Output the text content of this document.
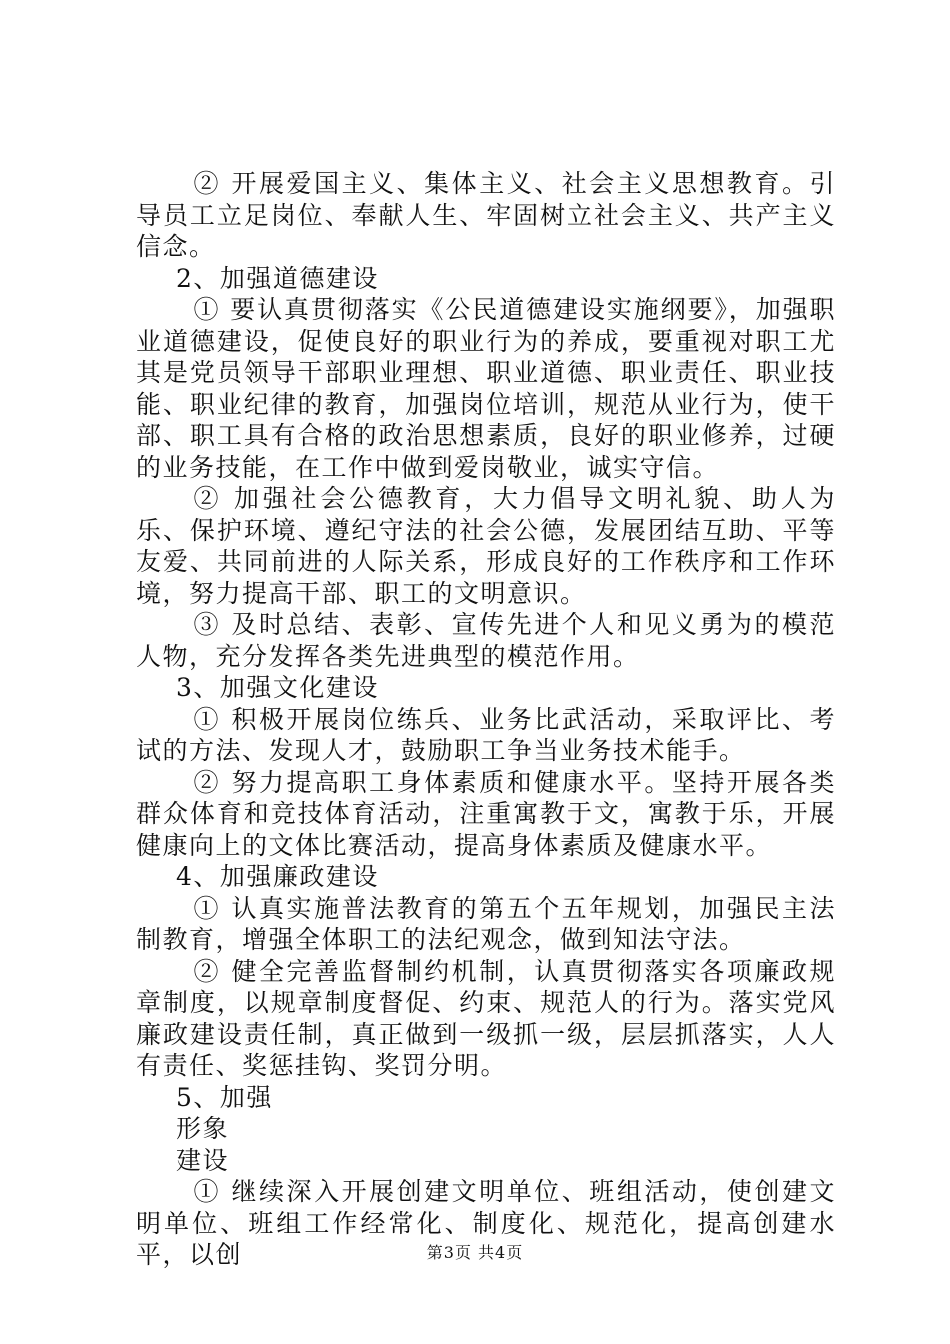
② 开展爱国主义、集体主义、社会主义思想教育。引导员工立足岗位、奉献人生、牢固树立社会主义、共产主义信念。

2、加强道德建设

① 要认真贯彻落实《公民道德建设实施纲要》，加强职业道德建设，促使良好的职业行为的养成，要重视对职工尤其是党员领导干部职业理想、职业道德、职业责任、职业技能、职业纪律的教育，加强岗位培训，规范从业行为，使干部、职工具有合格的政治思想素质，良好的职业修养，过硬的业务技能，在工作中做到爱岗敬业，诚实守信。

② 加强社会公德教育，大力倡导文明礼貌、助人为乐、保护环境、遵纪守法的社会公德，发展团结互助、平等友爱、共同前进的人际关系，形成良好的工作秩序和工作环境，努力提高干部、职工的文明意识。

③ 及时总结、表彰、宣传先进个人和见义勇为的模范人物，充分发挥各类先进典型的模范作用。

3、加强文化建设

① 积极开展岗位练兵、业务比武活动，采取评比、考试的方法、发现人才，鼓励职工争当业务技术能手。

② 努力提高职工身体素质和健康水平。坚持开展各类群众体育和竞技体育活动，注重寓教于文，寓教于乐，开展健康向上的文体比赛活动，提高身体素质及健康水平。

4、加强廉政建设

① 认真实施普法教育的第五个五年规划，加强民主法制教育，增强全体职工的法纪观念，做到知法守法。

② 健全完善监督制约机制，认真贯彻落实各项廉政规章制度，以规章制度督促、约束、规范人的行为。落实党风廉政建设责任制，真正做到一级抓一级，层层抓落实，人人有责任、奖惩挂钩、奖罚分明。

5、加强

形象

建设

① 继续深入开展创建文明单位、班组活动，使创建文明单位、班组工作经常化、制度化、规范化，提高创建水平，以创	第3页 共4页
